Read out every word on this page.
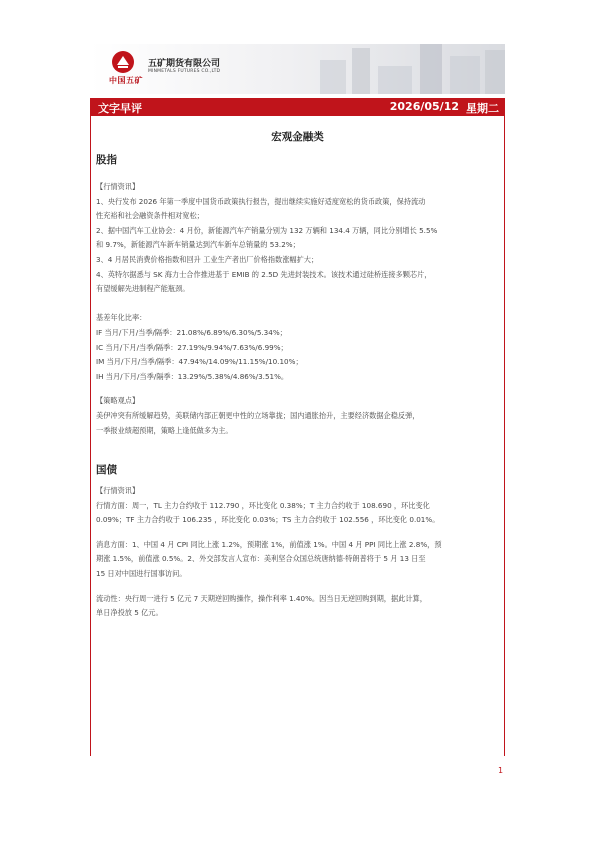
中国五矿
五矿期货有限公司
MINMETALS FUTURES CO.,LTD
文字早评	2026/05/12 星期二
宏观金融类
股指

【行情资讯】

1、央行发布 2026 年第一季度中国货币政策执行报告，提出继续实施好适度宽松的货币政策，保持流动

性充裕和社会融资条件相对宽松；

2、据中国汽车工业协会：4 月份，新能源汽车产销量分别为 132 万辆和 134.4 万辆，同比分别增长 5.5%

和 9.7%，新能源汽车新车销量达到汽车新车总销量的 53.2%；

3、4 月居民消费价格指数和回升 工业生产者出厂价格指数涨幅扩大；

4、英特尔据悉与 SK 海力士合作推进基于 EMIB 的 2.5D 先进封装技术。该技术通过硅桥连接多颗芯片，

有望缓解先进制程产能瓶颈。

基差年化比率：

IF 当月/下月/当季/隔季：21.08%/6.89%/6.30%/5.34%；

IC 当月/下月/当季/隔季：27.19%/9.94%/7.63%/6.99%；

IM 当月/下月/当季/隔季：47.94%/14.09%/11.15%/10.10%；

IH 当月/下月/当季/隔季：13.29%/5.38%/4.86%/3.51%。

【策略观点】

美伊冲突有所缓解趋势，美联储内部正朝更中性的立场靠拢；国内通胀抬升，主要经济数据企稳反弹，

一季报业绩超预期，策略上逢低做多为主。

国债

【行情资讯】

行情方面：周一，TL 主力合约收于 112.790 ，环比变化 0.38%；T 主力合约收于 108.690 ，环比变化

0.09%；TF 主力合约收于 106.235 ，环比变化 0.03%；TS 主力合约收于 102.556 ，环比变化 0.01%。

消息方面：1、中国 4 月 CPI 同比上涨 1.2%，预期涨 1%，前值涨 1%。中国 4 月 PPI 同比上涨 2.8%，预

期涨 1.5%，前值涨 0.5%。2、外交部发言人宣布：美利坚合众国总统唐纳德·特朗普将于 5 月 13 日至

15 日对中国进行国事访问。

流动性：央行周一进行 5 亿元 7 天期逆回购操作，操作利率 1.40%。因当日无逆回购到期，据此计算，

单日净投放 5 亿元。

1
